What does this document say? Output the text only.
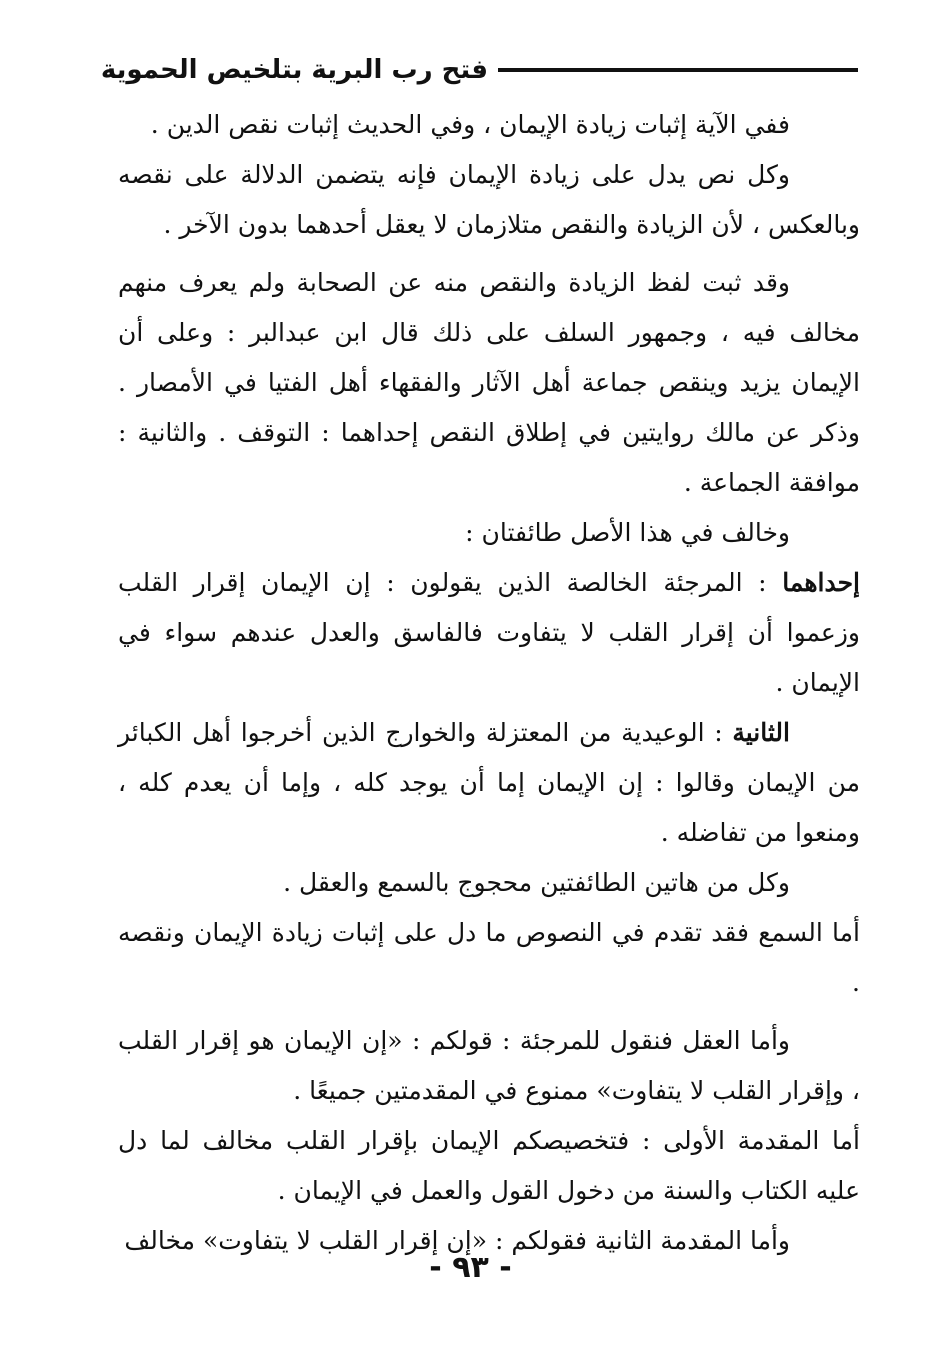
فتح رب البرية بتلخيص الحموية

ففي الآية إثبات زيادة الإيمان ، وفي الحديث إثبات نقص الدين .

وكل نص يدل على زيادة الإيمان فإنه يتضمن الدلالة على نقصه وبالعكس ، لأن الزيادة والنقص متلازمان لا يعقل أحدهما بدون الآخر .

وقد ثبت لفظ الزيادة والنقص منه عن الصحابة ولم يعرف منهم مخالف فيه ، وجمهور السلف على ذلك قال ابن عبدالبر : وعلى أن الإيمان يزيد وينقص جماعة أهل الآثار والفقهاء أهل الفتيا في الأمصار . وذكر عن مالك روايتين في إطلاق النقص إحداهما : التوقف . والثانية : موافقة الجماعة .

وخالف في هذا الأصل طائفتان :

إحداهما : المرجئة الخالصة الذين يقولون : إن الإيمان إقرار القلب وزعموا أن إقرار القلب لا يتفاوت فالفاسق والعدل عندهم سواء في الإيمان .

الثانية : الوعيدية من المعتزلة والخوارج الذين أخرجوا أهل الكبائر من الإيمان وقالوا : إن الإيمان إما أن يوجد كله ، وإما أن يعدم كله ، ومنعوا من تفاضله .

وكل من هاتين الطائفتين محجوج بالسمع والعقل .

أما السمع فقد تقدم في النصوص ما دل على إثبات زيادة الإيمان ونقصه .

وأما العقل فنقول للمرجئة : قولكم : «إن الإيمان هو إقرار القلب ، وإقرار القلب لا يتفاوت» ممنوع في المقدمتين جميعًا .

أما المقدمة الأولى : فتخصيصكم الإيمان بإقرار القلب مخالف لما دل عليه الكتاب والسنة من دخول القول والعمل في الإيمان .

وأما المقدمة الثانية فقولكم : «إن إقرار القلب لا يتفاوت» مخالف

- ٩٣ -
